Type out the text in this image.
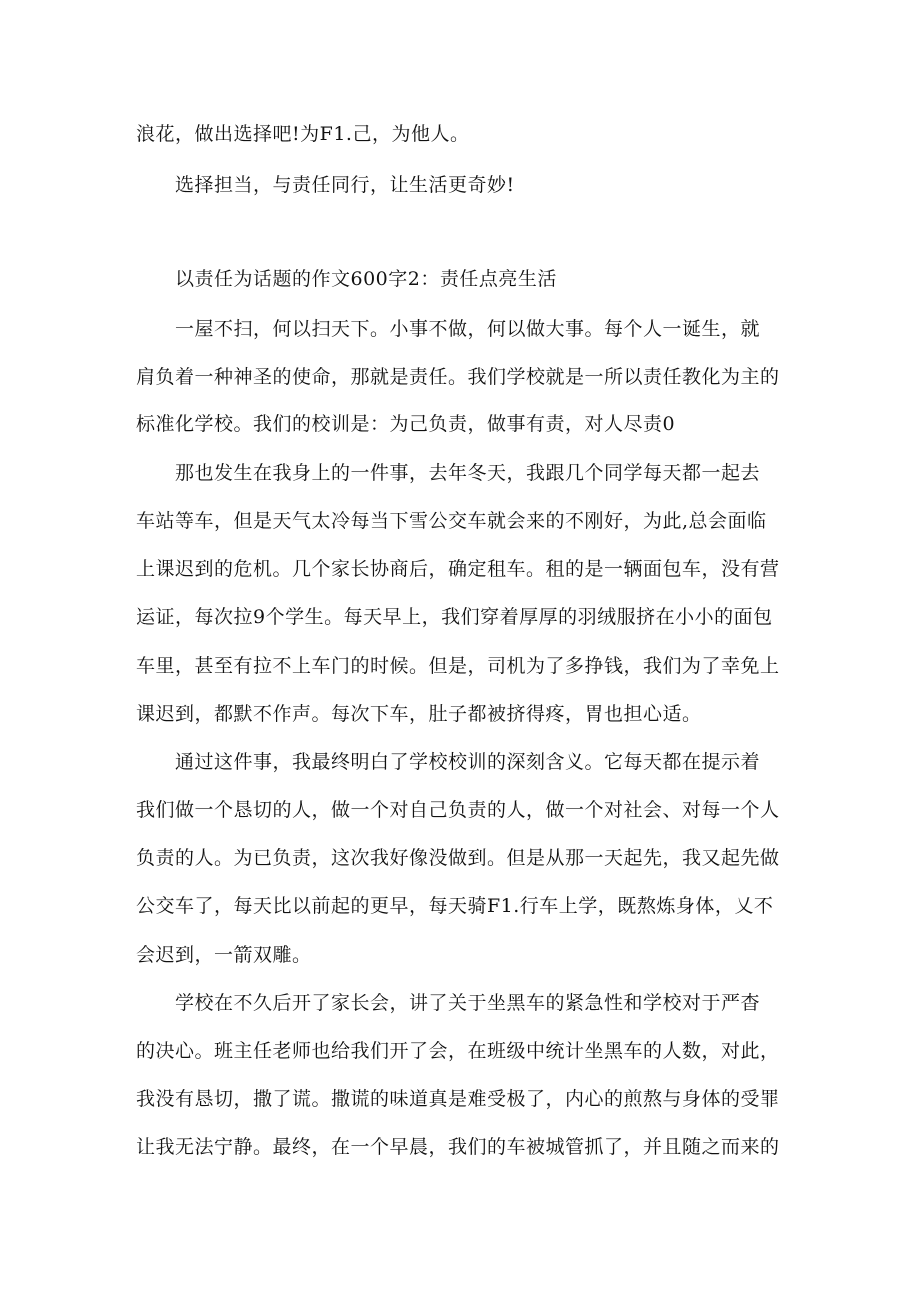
浪花，做出选择吧!为F1.己，为他人。
选择担当，与责任同行，让生活更奇妙!
以责任为话题的作文600字2：责任点亮生活
一屋不扫，何以扫天下。小事不做，何以做大事。每个人一诞生，就
肩负着一种神圣的使命，那就是责任。我们学校就是一所以责任教化为主的
标准化学校。我们的校训是：为己负责，做事有责，对人尽责0
那也发生在我身上的一件事，去年冬天，我跟几个同学每天都一起去
车站等车，但是天气太冷每当下雪公交车就会来的不刚好，为此,总会面临
上课迟到的危机。几个家长协商后，确定租车。租的是一辆面包车，没有营
运证，每次拉9个学生。每天早上，我们穿着厚厚的羽绒服挤在小小的面包
车里，甚至有拉不上车门的时候。但是，司机为了多挣钱，我们为了幸免上
课迟到，都默不作声。每次下车，肚子都被挤得疼，胃也担心适。
通过这件事，我最终明白了学校校训的深刻含义。它每天都在提示着
我们做一个恳切的人，做一个对自己负责的人，做一个对社会、对每一个人
负责的人。为已负责，这次我好像没做到。但是从那一天起先，我又起先做
公交车了，每天比以前起的更早，每天骑F1.行车上学，既熬炼身体，乂不
会迟到，一箭双雕。
学校在不久后开了家长会，讲了关于坐黑车的紧急性和学校对于严杳
的决心。班主任老师也给我们开了会，在班级中统计坐黑车的人数，对此，
我没有恳切，撒了谎。撒谎的味道真是难受极了，内心的煎熬与身体的受罪
让我无法宁静。最终，在一个早晨，我们的车被城管抓了，并且随之而来的
